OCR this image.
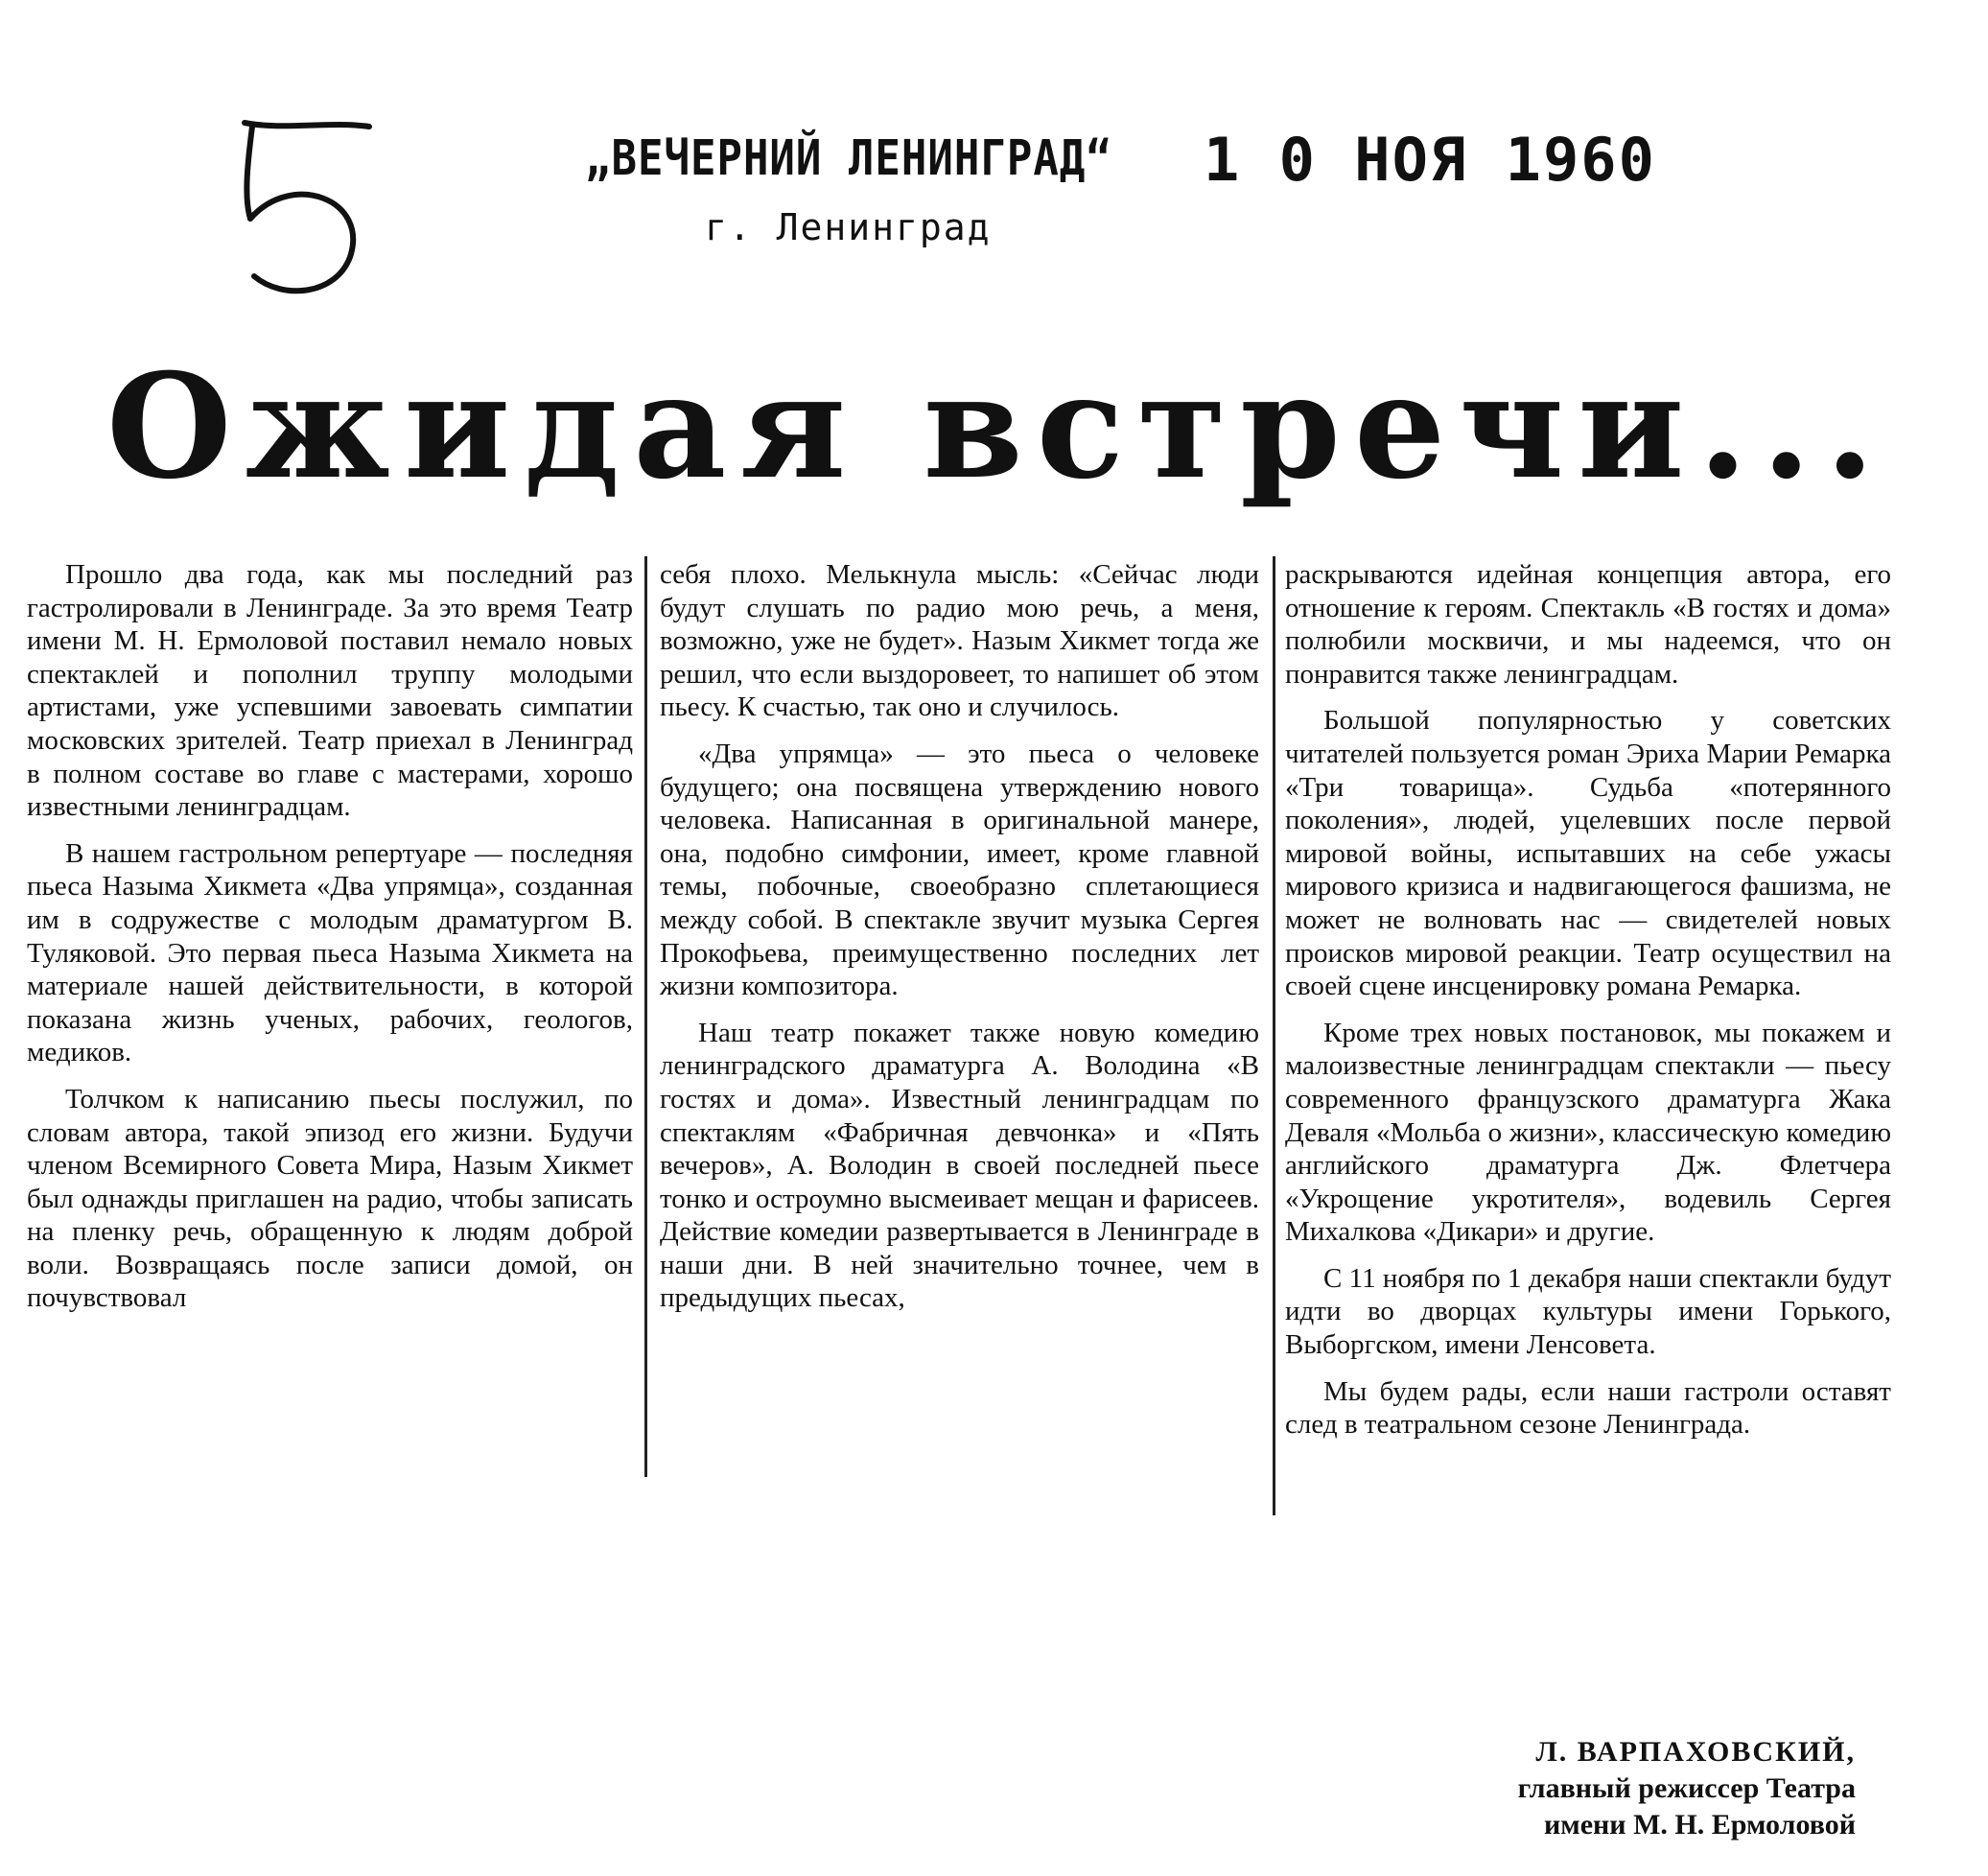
„ВЕЧЕРНИЙ ЛЕНИНГРАД“ 1 0 НОЯ 1960
г. Ленинград
Ожидая встречи...

Прошло два года, как мы последний раз гастролировали в Ленинграде. За это время Театр имени М. Н. Ермоловой поставил немало новых спектаклей и пополнил труппу молодыми артистами, уже успевшими завоевать симпатии московских зрителей. Театр приехал в Ленинград в полном составе во главе с мастерами, хорошо известными ленинградцам.

В нашем гастрольном репертуаре — последняя пьеса Назыма Хикмета «Два упрямца», созданная им в содружестве с молодым драматургом В. Туляковой. Это первая пьеса Назыма Хикмета на материале нашей действительности, в которой показана жизнь ученых, рабочих, геологов, медиков.

Толчком к написанию пьесы послужил, по словам автора, такой эпизод его жизни. Будучи членом Всемирного Совета Мира, Назым Хикмет был однажды приглашен на радио, чтобы записать на пленку речь, обращенную к людям доброй воли. Возвращаясь после записи домой, он почувствовал

себя плохо. Мелькнула мысль: «Сейчас люди будут слушать по радио мою речь, а меня, возможно, уже не будет». Назым Хикмет тогда же решил, что если выздоровеет, то напишет об этом пьесу. К счастью, так оно и случилось.

«Два упрямца» — это пьеса о человеке будущего; она посвящена утверждению нового человека. Написанная в оригинальной манере, она, подобно симфонии, имеет, кроме главной темы, побочные, своеобразно сплетающиеся между собой. В спектакле звучит музыка Сергея Прокофьева, преимущественно последних лет жизни композитора.

Наш театр покажет также новую комедию ленинградского драматурга А. Володина «В гостях и дома». Известный ленинградцам по спектаклям «Фабричная девчонка» и «Пять вечеров», А. Володин в своей последней пьесе тонко и остроумно высмеивает мещан и фарисеев. Действие комедии развертывается в Ленинграде в наши дни. В ней значительно точнее, чем в предыдущих пьесах,

раскрываются идейная концепция автора, его отношение к героям. Спектакль «В гостях и дома» полюбили москвичи, и мы надеемся, что он понравится также ленинградцам.

Большой популярностью у советских читателей пользуется роман Эриха Марии Ремарка «Три товарища». Судьба «потерянного поколения», людей, уцелевших после первой мировой войны, испытавших на себе ужасы мирового кризиса и надвигающегося фашизма, не может не волновать нас — свидетелей новых происков мировой реакции. Театр осуществил на своей сцене инсценировку романа Ремарка.

Кроме трех новых постановок, мы покажем и малоизвестные ленинградцам спектакли — пьесу современного французского драматурга Жака Деваля «Мольба о жизни», классическую комедию английского драматурга Дж. Флетчера «Укрощение укротителя», водевиль Сергея Михалкова «Дикари» и другие.

С 11 ноября по 1 декабря наши спектакли будут идти во дворцах культуры имени Горького, Выборгском, имени Ленсовета.

Мы будем рады, если наши гастроли оставят след в театральном сезоне Ленинграда.

Л. ВАРПАХОВСКИЙ,
главный режиссер Театра
имени М. Н. Ермоловой
